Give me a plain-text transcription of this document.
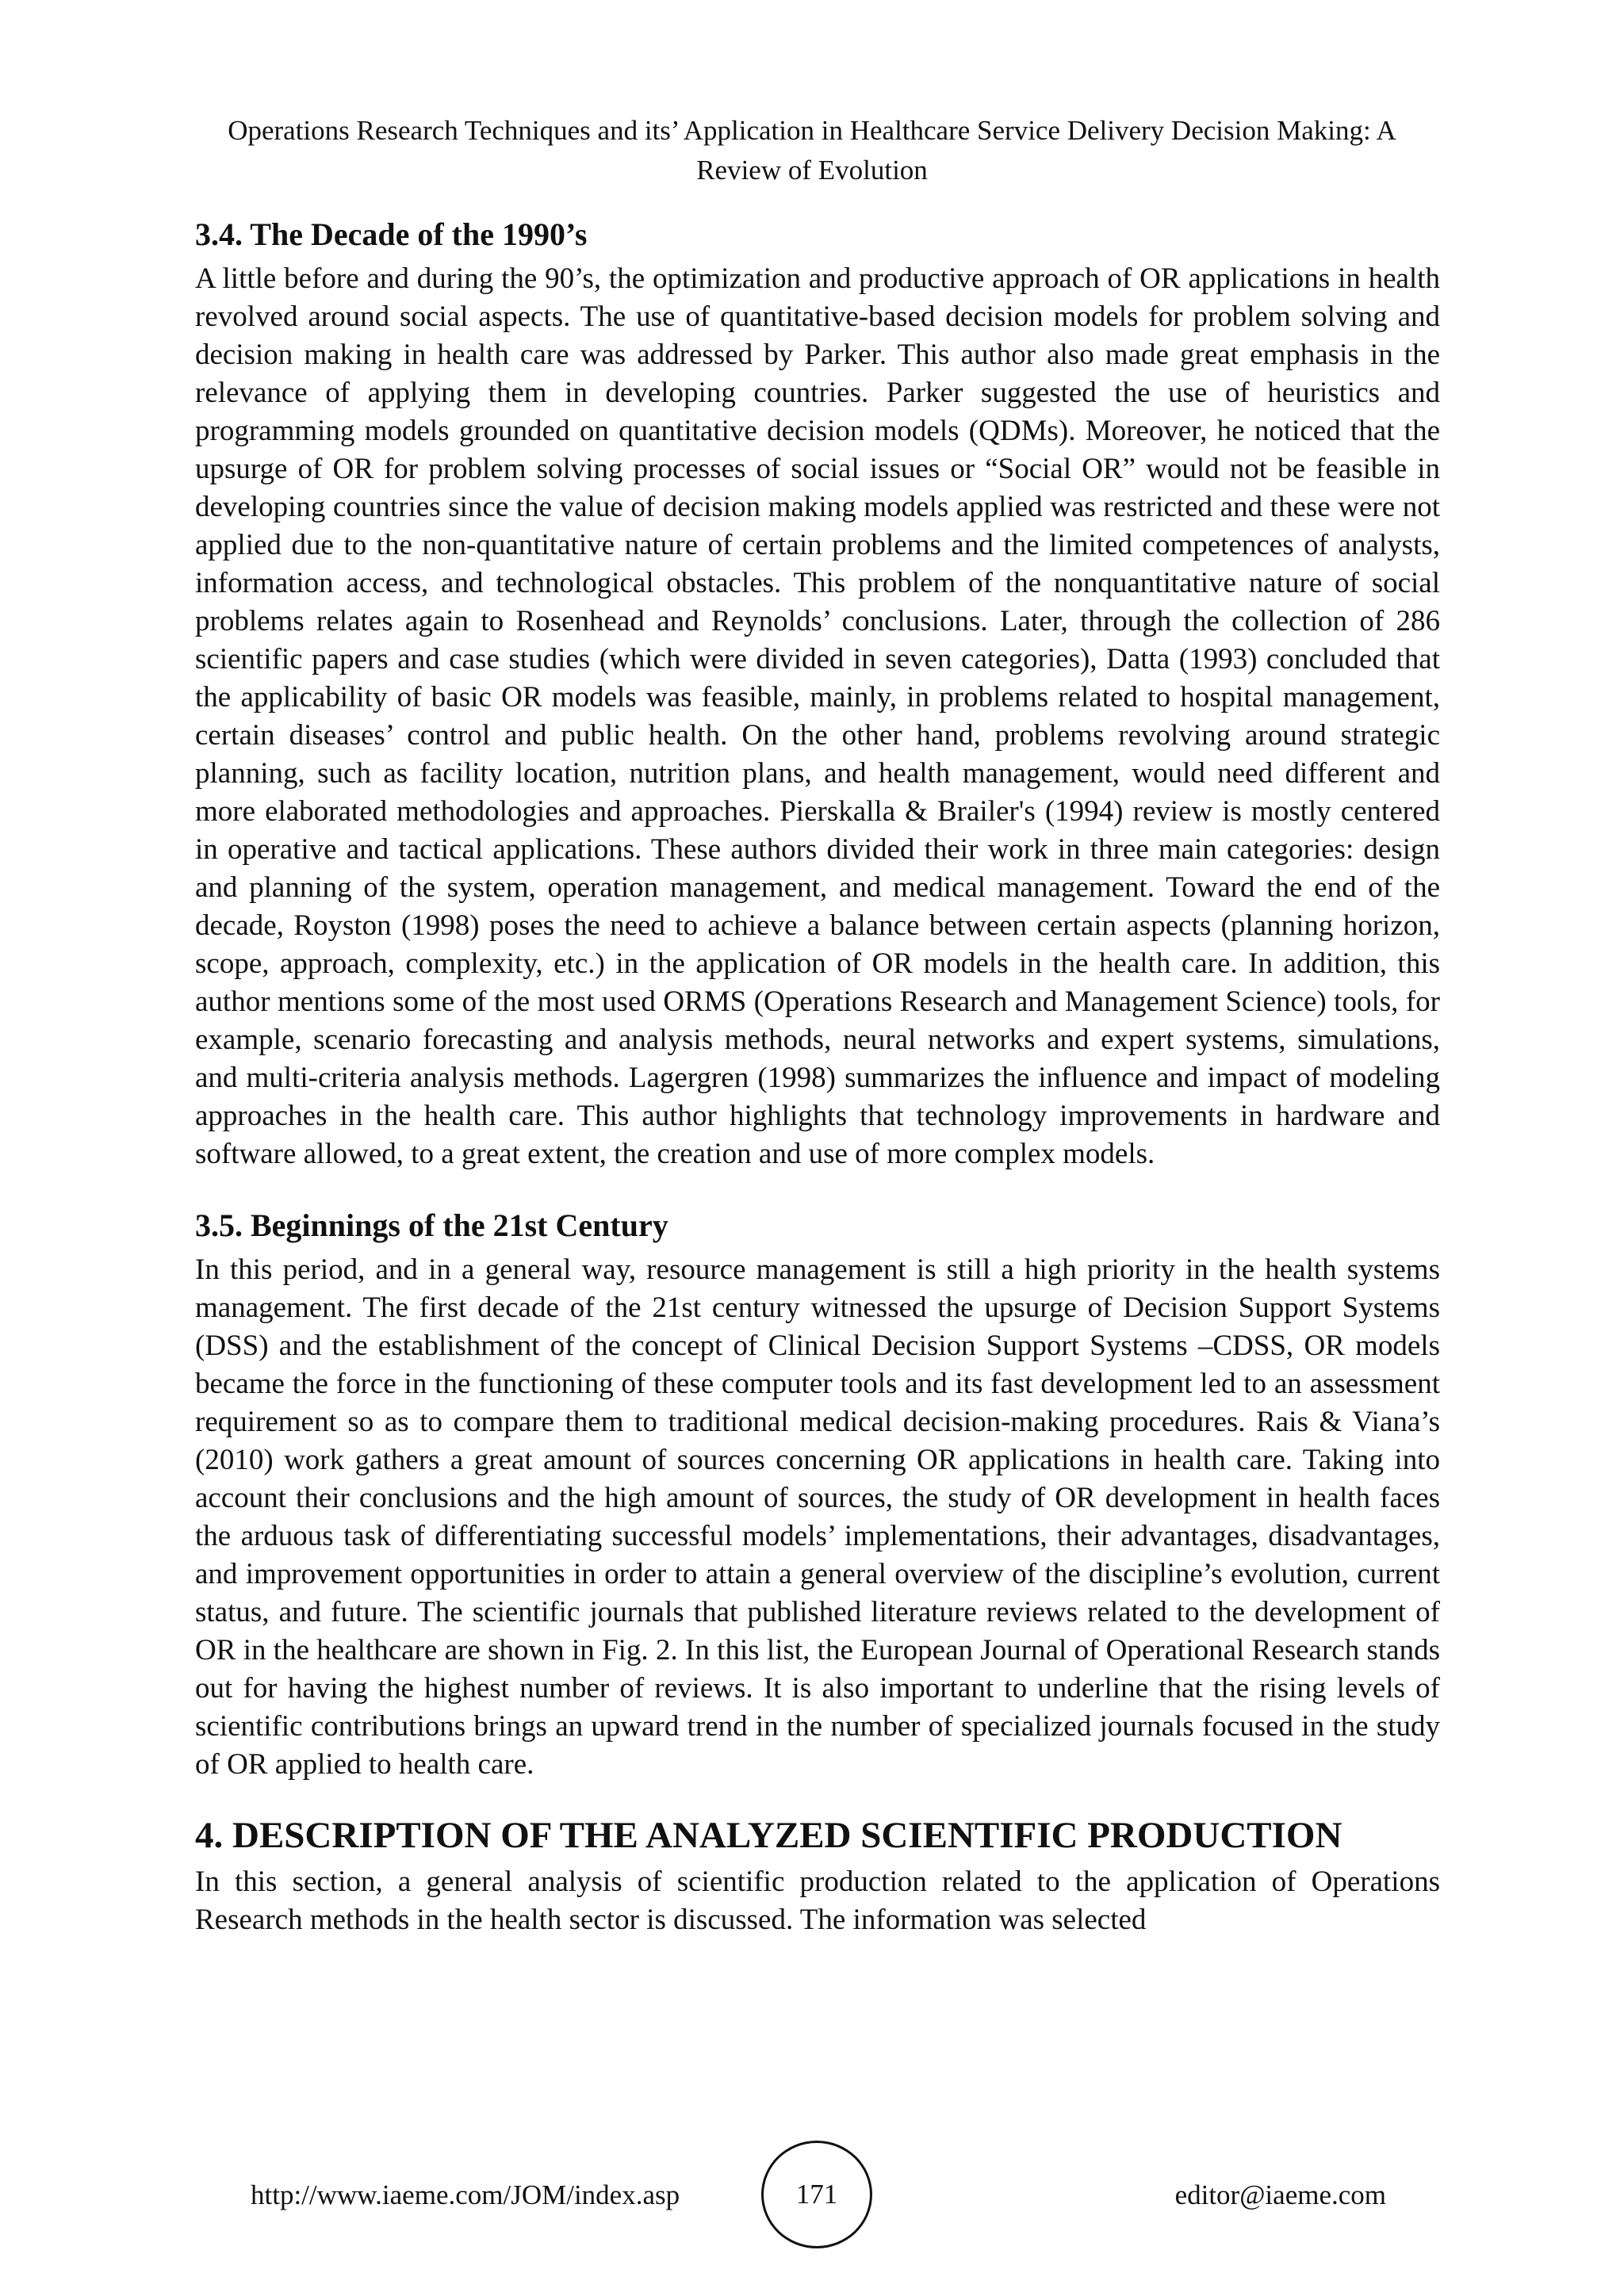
Operations Research Techniques and its’ Application in Healthcare Service Delivery Decision Making: A Review of Evolution
3.4. The Decade of the 1990’s

A little before and during the 90’s, the optimization and productive approach of OR applications in health revolved around social aspects. The use of quantitative-based decision models for problem solving and decision making in health care was addressed by Parker. This author also made great emphasis in the relevance of applying them in developing countries. Parker suggested the use of heuristics and programming models grounded on quantitative decision models (QDMs). Moreover, he noticed that the upsurge of OR for problem solving processes of social issues or “Social OR” would not be feasible in developing countries since the value of decision making models applied was restricted and these were not applied due to the non-quantitative nature of certain problems and the limited competences of analysts, information access, and technological obstacles. This problem of the nonquantitative nature of social problems relates again to Rosenhead and Reynolds’ conclusions. Later, through the collection of 286 scientific papers and case studies (which were divided in seven categories), Datta (1993) concluded that the applicability of basic OR models was feasible, mainly, in problems related to hospital management, certain diseases’ control and public health. On the other hand, problems revolving around strategic planning, such as facility location, nutrition plans, and health management, would need different and more elaborated methodologies and approaches. Pierskalla & Brailer's (1994) review is mostly centered in operative and tactical applications. These authors divided their work in three main categories: design and planning of the system, operation management, and medical management. Toward the end of the decade, Royston (1998) poses the need to achieve a balance between certain aspects (planning horizon, scope, approach, complexity, etc.) in the application of OR models in the health care. In addition, this author mentions some of the most used ORMS (Operations Research and Management Science) tools, for example, scenario forecasting and analysis methods, neural networks and expert systems, simulations, and multi-criteria analysis methods. Lagergren (1998) summarizes the influence and impact of modeling approaches in the health care. This author highlights that technology improvements in hardware and software allowed, to a great extent, the creation and use of more complex models.

3.5. Beginnings of the 21st Century

In this period, and in a general way, resource management is still a high priority in the health systems management. The first decade of the 21st century witnessed the upsurge of Decision Support Systems (DSS) and the establishment of the concept of Clinical Decision Support Systems –CDSS, OR models became the force in the functioning of these computer tools and its fast development led to an assessment requirement so as to compare them to traditional medical decision-making procedures. Rais & Viana’s (2010) work gathers a great amount of sources concerning OR applications in health care. Taking into account their conclusions and the high amount of sources, the study of OR development in health faces the arduous task of differentiating successful models’ implementations, their advantages, disadvantages, and improvement opportunities in order to attain a general overview of the discipline’s evolution, current status, and future. The scientific journals that published literature reviews related to the development of OR in the healthcare are shown in Fig. 2. In this list, the European Journal of Operational Research stands out for having the highest number of reviews. It is also important to underline that the rising levels of scientific contributions brings an upward trend in the number of specialized journals focused in the study of OR applied to health care.

4. DESCRIPTION OF THE ANALYZED SCIENTIFIC PRODUCTION

In this section, a general analysis of scientific production related to the application of Operations Research methods in the health sector is discussed. The information was selected

http://www.iaeme.com/JOM/index.asp	171	editor@iaeme.com
